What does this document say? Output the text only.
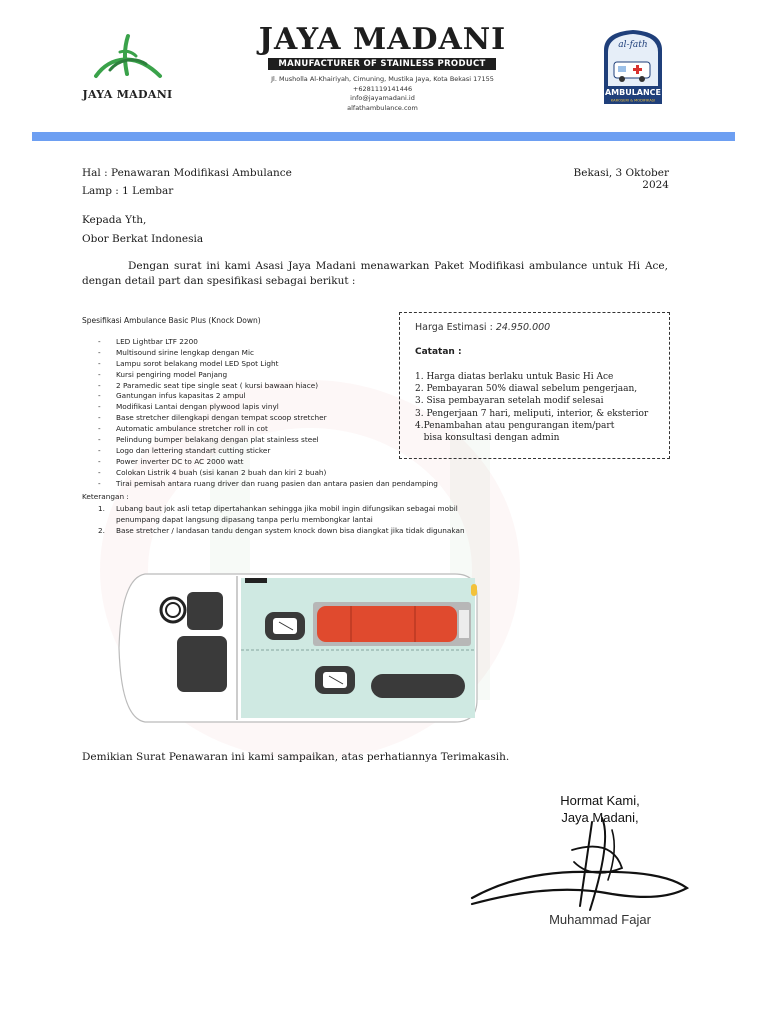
JAYA MADANI
JAYA MADANI
MANUFACTURER OF STAINLESS PRODUCT
Jl. Musholla Al-Khairiyah, Cimuning, Mustika Jaya, Kota Bekasi 17155
+6281119141446
info@jayamadani.id
alfathambulance.com
al-fath
AMBULANCE
KAROSERI & MODIFIKASI
Hal : Penawaran Modifikasi Ambulance
Lamp : 1 Lembar
Bekasi, 3 Oktober 2024
Kepada Yth,
Obor Berkat Indonesia
Dengan surat ini kami Asasi Jaya Madani menawarkan Paket Modifikasi ambulance untuk Hi Ace, dengan detail part dan spesifikasi sebagai berikut :
Spesifikasi Ambulance Basic Plus (Knock Down)
- LED Lightbar LTF 2200
- Multisound sirine lengkap dengan Mic
- Lampu sorot belakang model LED Spot Light
- Kursi pengiring model Panjang
- 2 Paramedic seat tipe single seat ( kursi bawaan hiace)
- Gantungan infus kapasitas 2 ampul
- Modifikasi Lantai dengan plywood lapis vinyl
- Base stretcher dilengkapi dengan tempat scoop stretcher
- Automatic ambulance stretcher roll in cot
- Pelindung bumper belakang dengan plat stainless steel
- Logo dan lettering standart cutting sticker
- Power inverter DC to AC 2000 watt
- Colokan Listrik 4 buah (sisi kanan 2 buah dan kiri 2 buah)
- Tirai pemisah antara ruang driver dan ruang pasien dan antara pasien dan pendamping
Keterangan :
1. Lubang baut jok asli tetap dipertahankan sehingga jika mobil ingin difungsikan sebagai mobil penumpang dapat langsung dipasang tanpa perlu membongkar lantai
2. Base stretcher / landasan tandu dengan system knock down bisa diangkat jika tidak digunakan
Harga Estimasi : 24.950.000
Catatan :
1. Harga diatas berlaku untuk Basic Hi Ace
2. Pembayaran 50% diawal sebelum pengerjaan,
3. Sisa pembayaran setelah modif selesai
3. Pengerjaan 7 hari, meliputi, interior, & eksterior
4.Penambahan atau pengurangan item/part
bisa konsultasi dengan admin
Demikian Surat Penawaran ini kami sampaikan, atas perhatiannya Terimakasih.
Hormat Kami,
Jaya Madani,
Muhammad Fajar
